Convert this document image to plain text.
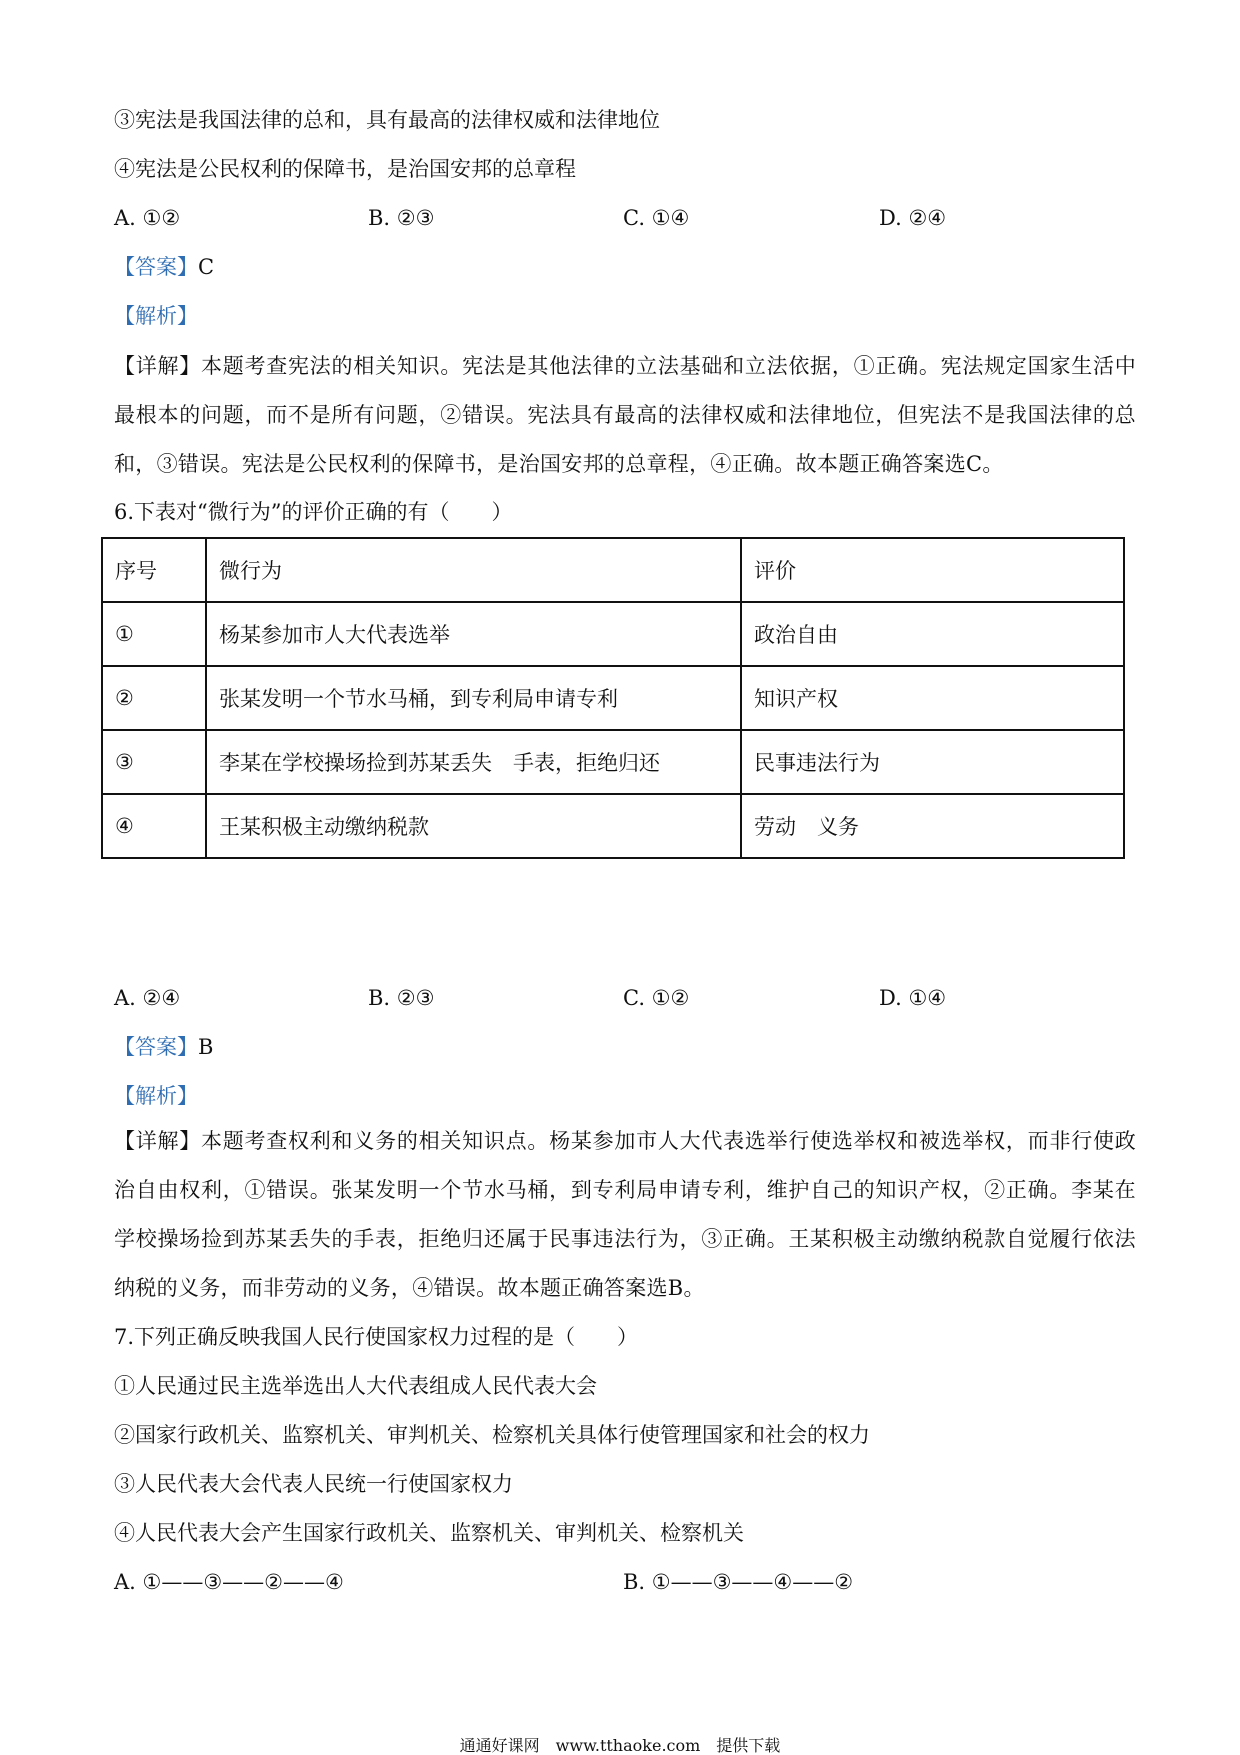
③宪法是我国法律的总和，具有最高的法律权威和法律地位
④宪法是公民权利的保障书，是治国安邦的总章程
A. ①②	B. ②③	C. ①④	D. ②④
【答案】C
【解析】
【详解】本题考查宪法的相关知识。宪法是其他法律的立法基础和立法依据，①正确。宪法规定国家生活中最根本的问题，而不是所有问题，②错误。宪法具有最高的法律权威和法律地位，但宪法不是我国法律的总和，③错误。宪法是公民权利的保障书，是治国安邦的总章程，④正确。故本题正确答案选C。
6.下表对“微行为”的评价正确的有（　　）
序号	微行为	评价
①	杨某参加市人大代表选举	政治自由
②	张某发明一个节水马桶，到专利局申请专利	知识产权
③	李某在学校操场捡到苏某丢失　手表，拒绝归还	民事违法行为
④	王某积极主动缴纳税款	劳动　义务
A. ②④	B. ②③	C. ①②	D. ①④
【答案】B
【解析】
【详解】本题考查权利和义务的相关知识点。杨某参加市人大代表选举行使选举权和被选举权，而非行使政治自由权利，①错误。张某发明一个节水马桶，到专利局申请专利，维护自己的知识产权，②正确。李某在学校操场捡到苏某丢失的手表，拒绝归还属于民事违法行为，③正确。王某积极主动缴纳税款自觉履行依法纳税的义务，而非劳动的义务，④错误。故本题正确答案选B。
7.下列正确反映我国人民行使国家权力过程的是（　　）
①人民通过民主选举选出人大代表组成人民代表大会
②国家行政机关、监察机关、审判机关、检察机关具体行使管理国家和社会的权力
③人民代表大会代表人民统一行使国家权力
④人民代表大会产生国家行政机关、监察机关、审判机关、检察机关
A. ①——③——②——④	B. ①——③——④——②
通通好课网　www.tthaoke.com　提供下载
